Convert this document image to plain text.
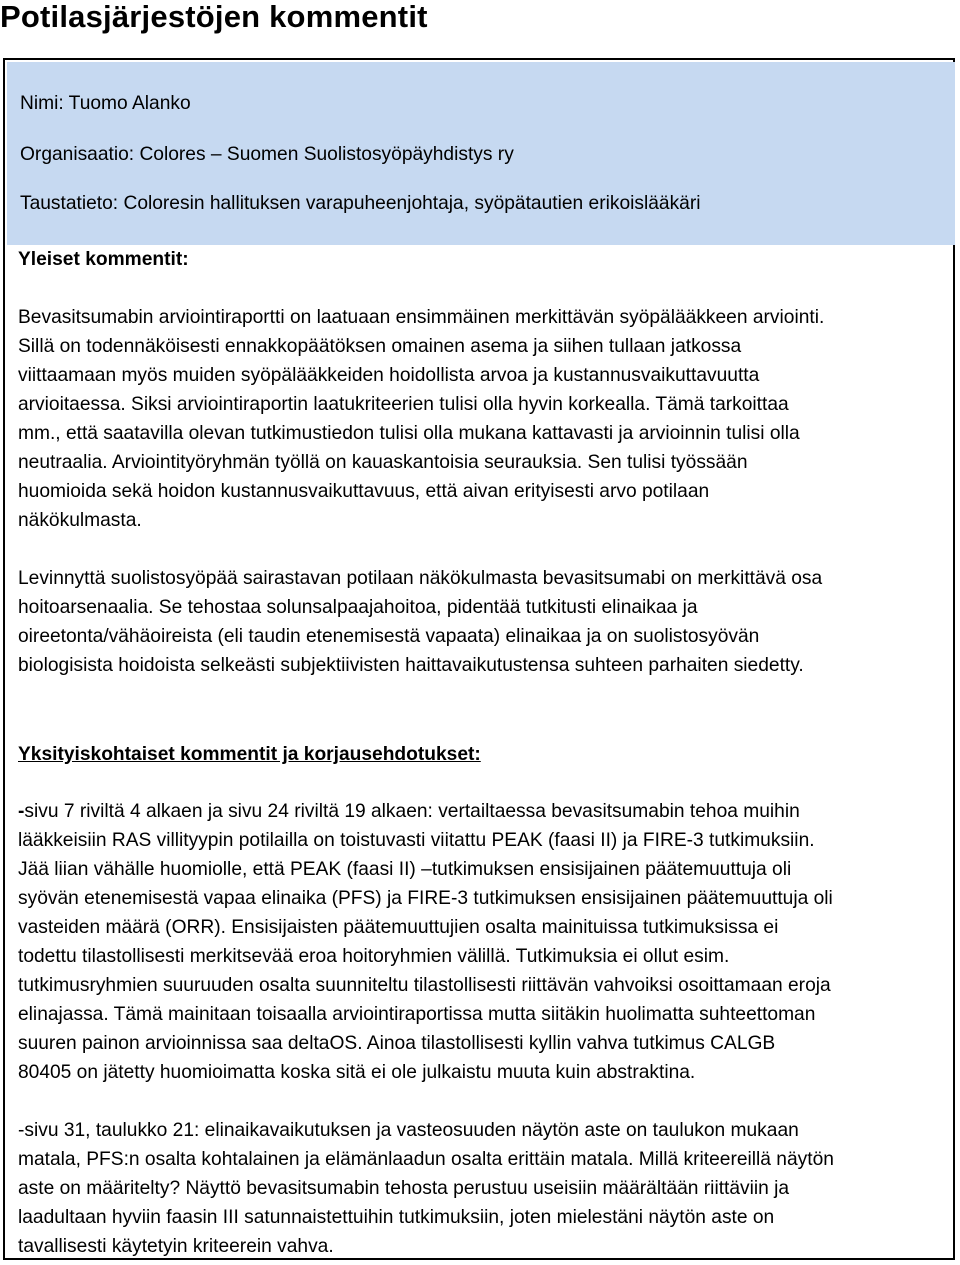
Potilasjärjestöjen kommentit
Nimi: Tuomo Alanko
Organisaatio: Colores – Suomen Suolistosyöpäyhdistys ry
Taustatieto: Coloresin hallituksen varapuheenjohtaja, syöpätautien erikoislääkäri
Yleiset kommentit:
Bevasitsumabin arviointiraportti on laatuaan ensimmäinen merkittävän syöpälääkkeen arviointi.
Sillä on todennäköisesti ennakkopäätöksen omainen asema ja siihen tullaan jatkossa
viittaamaan myös muiden syöpälääkkeiden hoidollista arvoa ja kustannusvaikuttavuutta
arvioitaessa. Siksi arviointiraportin laatukriteerien tulisi olla hyvin korkealla. Tämä tarkoittaa
mm., että saatavilla olevan tutkimustiedon tulisi olla mukana kattavasti ja arvioinnin tulisi olla
neutraalia. Arviointityöryhmän työllä on kauaskantoisia seurauksia. Sen tulisi työssään
huomioida sekä hoidon kustannusvaikuttavuus, että aivan erityisesti arvo potilaan
näkökulmasta.
Levinnyttä suolistosyöpää sairastavan potilaan näkökulmasta bevasitsumabi on merkittävä osa
hoitoarsenaalia. Se tehostaa solunsalpaajahoitoa, pidentää tutkitusti elinaikaa ja
oireetonta/vähäoireista (eli taudin etenemisestä vapaata) elinaikaa ja on suolistosyövän
biologisista hoidoista selkeästi subjektiivisten haittavaikutustensa suhteen parhaiten siedetty.
Yksityiskohtaiset kommentit ja korjausehdotukset:
-sivu 7 riviltä 4 alkaen ja sivu 24 riviltä 19 alkaen: vertailtaessa bevasitsumabin tehoa muihin
lääkkeisiin RAS villityypin potilailla on toistuvasti viitattu PEAK (faasi II) ja FIRE-3 tutkimuksiin.
Jää liian vähälle huomiolle, että PEAK (faasi II) –tutkimuksen ensisijainen päätemuuttuja oli
syövän etenemisestä vapaa elinaika (PFS) ja FIRE-3 tutkimuksen ensisijainen päätemuuttuja oli
vasteiden määrä (ORR). Ensisijaisten päätemuuttujien osalta mainituissa tutkimuksissa ei
todettu tilastollisesti merkitsevää eroa hoitoryhmien välillä. Tutkimuksia ei ollut esim.
tutkimusryhmien suuruuden osalta suunniteltu tilastollisesti riittävän vahvoiksi osoittamaan eroja
elinajassa. Tämä mainitaan toisaalla arviointiraportissa mutta siitäkin huolimatta suhteettoman
suuren painon arvioinnissa saa deltaOS. Ainoa tilastollisesti kyllin vahva tutkimus CALGB
80405 on jätetty huomioimatta koska sitä ei ole julkaistu muuta kuin abstraktina.
-sivu 31, taulukko 21: elinaikavaikutuksen ja vasteosuuden näytön aste on taulukon mukaan
matala, PFS:n osalta kohtalainen ja elämänlaadun osalta erittäin matala. Millä kriteereillä näytön
aste on määritelty? Näyttö bevasitsumabin tehosta perustuu useisiin määrältään riittäviin ja
laadultaan hyviin faasin III satunnaistettuihin tutkimuksiin, joten mielestäni näytön aste on
tavallisesti käytetyin kriteerein vahva.
